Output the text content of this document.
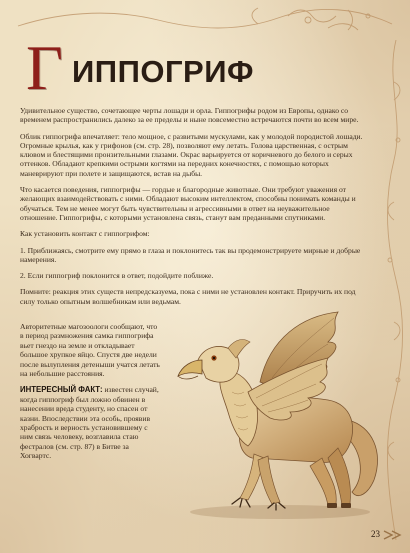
Г ИППОГРИФ

Удивительное существо, сочетающее черты лошади и орла. Гиппогрифы родом из Европы, однако со временем распространились далеко за ее пределы и ныне повсеместно встречаются почти во всем мире.

Облик гиппогрифа впечатляет: тело мощное, с развитыми мускулами, как у молодой породистой лошади. Огромные крылья, как у грифонов (см. стр. 28), позволяют ему летать. Голова царственная, с острым клювом и блестящими пронзительными глазами. Окрас варьируется от коричневого до белого и серых оттенков. Обладают крепкими острыми когтями на передних конечностях, с помощью которых маневрируют при полете и защищаются, встав на дыбы.

Что касается поведения, гиппогрифы — гордые и благородные животные. Они требуют уважения от желающих взаимодействовать с ними. Обладают высоким интеллектом, способны понимать команды и обучаться. Тем не менее могут быть чувствительны и агрессивными в ответ на неуважительное отношение. Гиппогрифы, с которыми установлена связь, станут вам преданными спутниками.

Как установить контакт с гиппогрифом:

1. Приближаясь, смотрите ему прямо в глаза и поклонитесь так вы продемонстрируете мирные и добрые намерения.
2. Если гиппогриф поклонится в ответ, подойдите поближе.

Помните: реакция этих существ непредсказуема, пока с ними не установлен контакт. Приручить их под силу только опытным волшебникам или ведьмам.

Авторитетные магозоологи сообщают, что в период размножения самка гиппогрифа вьет гнездо на земле и откладывает большое хрупкое яйцо. Спустя две недели после вылупления детеныши учатся летать на небольшие расстояния.

ИНТЕРЕСНЫЙ ФАКТ: известен случай, когда гиппогриф был ложно обвинен в нанесении вреда студенту, но спасен от казни. Впоследствии эта особь, проявив храбрость и верность установившему с ним связь человеку, возглавила стаю фестралов (см. стр. 87) в Битве за Хогвартс.

23
